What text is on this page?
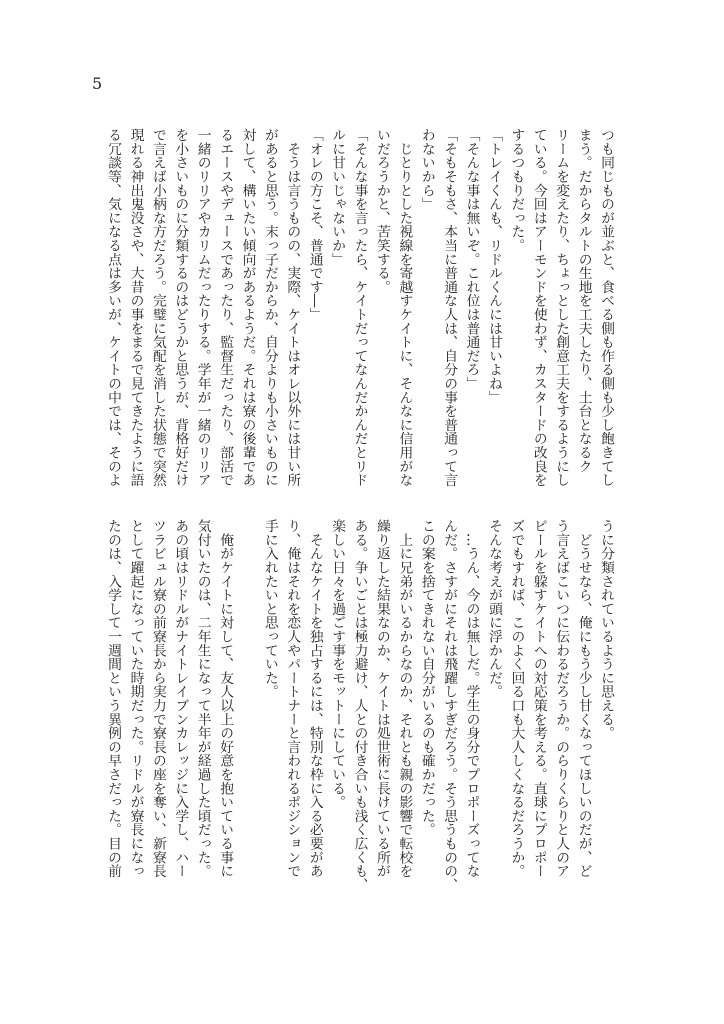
5
つも同じものが並ぶと、食べる側も作る側も少し飽きてし
まう。だからタルトの生地を工夫したり、土台となるク
リームを変えたり、ちょっとした創意工夫をするようにし
ている。今回はアーモンドを使わず、カスタードの改良を
するつもりだった。
「トレイくんも、リドルくんには甘いよね」
「そんな事は無いぞ。これ位は普通だろ」
「そもそもさ、本当に普通な人は、自分の事を普通って言
わないから」
　じとりとした視線を寄越すケイトに、そんなに信用がな
いだろうかと、苦笑する。
「そんな事を言ったら、ケイトだってなんだかんだとリド
ルに甘いじゃないか」
「オレの方こそ、普通です―」
　そうは言うものの、実際、ケイトはオレ以外には甘い所
があると思う。末っ子だからか、自分よりも小さいものに
対して、構いたい傾向があるようだ。それは寮の後輩であ
るエースやデュースであったり、監督生だったり、部活で
一緒のリリアやカリムだったりする。学年が一緒のリリア
を小さいものに分類するのはどうかと思うが、背格好だけ
で言えば小柄な方だろう。完璧に気配を消した状態で突然
現れる神出鬼没さや、大昔の事をまるで見てきたように語
る冗談等、気になる点は多いが、ケイトの中では、そのよ
うに分類されているように思える。
　どうせなら、俺にもう少し甘くなってほしいのだが、ど
う言えばこいつに伝わるだろうか。のらりくらりと人のア
ピールを躱すケイトへの対応策を考える。直球にプロポー
ズでもすれば、このよく回る口も大人しくなるだろうか。
そんな考えが頭に浮かんだ。
　…うん、今のは無しだ。学生の身分でプロポーズってな
んだ。さすがにそれは飛躍しすぎだろう。そう思うものの、
この案を捨てきれない自分がいるのも確かだった。
　上に兄弟がいるからなのか、それとも親の影響で転校を
繰り返した結果なのか、ケイトは処世術に長けている所が
ある。争いごとは極力避け、人との付き合いも浅く広くも、
楽しい日々を過ごす事をモットーにしている。
　そんなケイトを独占するには、特別な枠に入る必要があ
り、俺はそれを恋人やパートナーと言われるポジションで
手に入れたいと思っていた。

　俺がケイトに対して、友人以上の好意を抱いている事に
気付いたのは、二年生になって半年が経過した頃だった。
あの頃はリドルがナイトレイブンカレッジに入学し、ハー
ツラビュル寮の前寮長から実力で寮長の座を奪い、新寮長
として躍起になっていた時期だった。リドルが寮長になっ
たのは、入学して一週間という異例の早さだった。目の前
